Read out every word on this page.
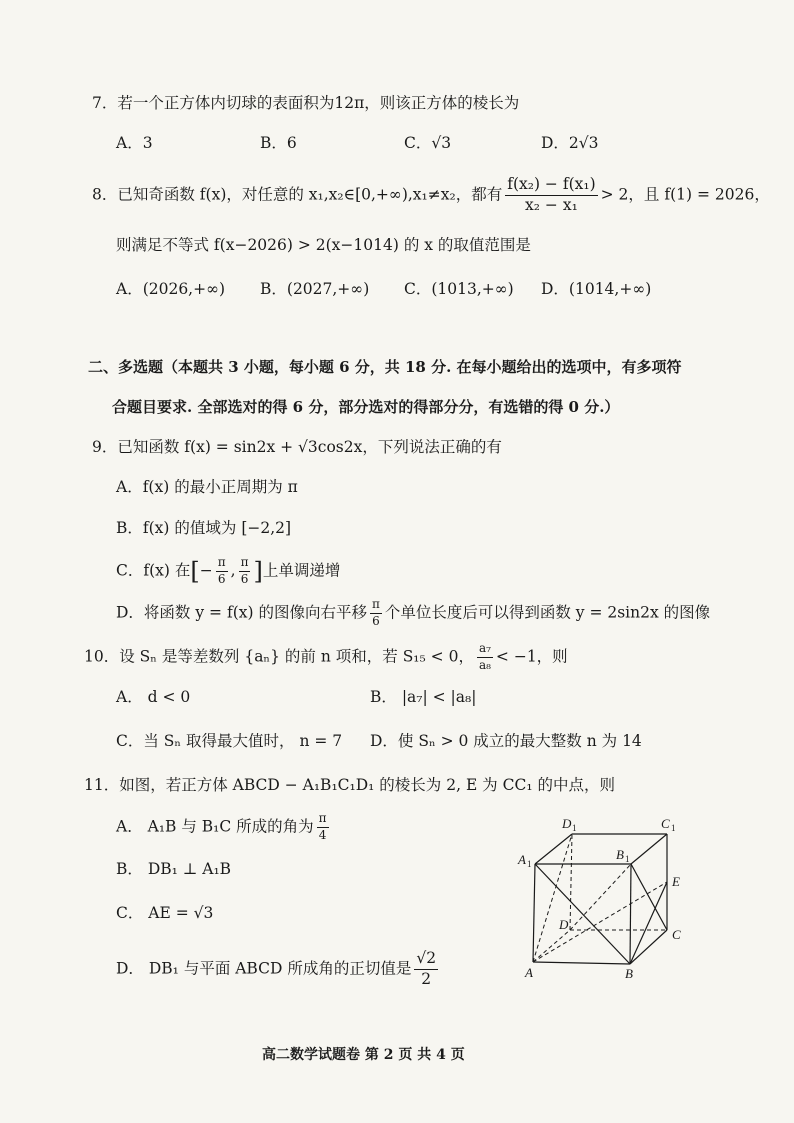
7．若一个正方体内切球的表面积为12π，则该正方体的棱长为
A．3	B．6	C．√3	D．2√3
8．已知奇函数 f(x)，对任意的 x₁,x₂∈[0,+∞),x₁≠x₂，都有 $\frac{\text{f(x₂) − f(x₁)}}{\text{x₂ − x₁}} > 2$，且 f(1) = 2026，
则满足不等式 f(x−2026) > 2(x−1014) 的 x 的取值范围是
A．(2026,+∞) B．(2027,+∞) C．(1013,+∞) D．(1014,+∞)
二、多选题（本题共 3 小题，每小题 6 分，共 18 分. 在每小题给出的选项中，有多项符
合题目要求. 全部选对的得 6 分，部分选对的得部分分，有选错的得 0 分.）
9．已知函数 f(x) = sin2x + √3cos2x，下列说法正确的有
A．f(x) 的最小正周期为 π
B．f(x) 的值域为 [−2,2]
C．f(x) 在[− $\frac{\pi}{6}$ , $\frac{\pi}{6}$ ]上单调递增
D．将函数 y = f(x) 的图像向右平移 $\frac{\pi}{6}$ 个单位长度后可以得到函数 y = 2sin2x 的图像
10．设 Sₙ 是等差数列 {aₙ} 的前 n 项和，若 S₁₅ < 0， $\frac{\text{a₇}}{\text{a₈}} < -1$，则
A． d < 0	B． |a₇| < |a₈|
C．当 Sₙ 取得最大值时， n = 7 D．使 Sₙ > 0 成立的最大整数 n 为 14
11．如图，若正方体 ABCD − A₁B₁C₁D₁ 的棱长为 2, E 为 CC₁ 的中点，则
A． A₁B 与 B₁C 所成的角为 $\frac{\pi}{4}$
B． DB₁ ⊥ A₁B
C． AE = √3
D． DB₁ 与平面 ABCD 所成角的正切值是 $\frac{√2}{2}$
D 1	C 1
A 1
B 1
E
D
C
A	B
高二数学试题卷 第 2 页 共 4 页
